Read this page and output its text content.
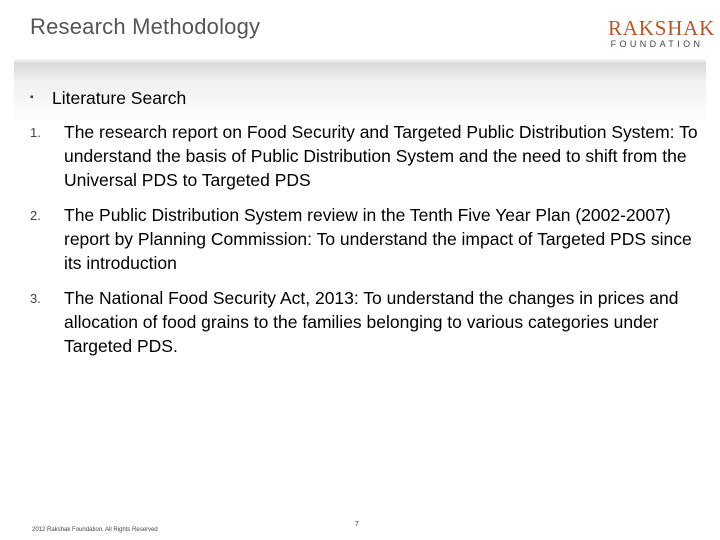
Research Methodology	RAKSHAK
FOUNDATION
▪	Literature Search
1.	The research report on Food Security and Targeted Public Distribution System: To understand the basis of Public Distribution System and the need to shift from the Universal PDS to Targeted PDS
2.	The Public Distribution System review in the Tenth Five Year Plan (2002-2007) report by Planning Commission: To understand the impact of Targeted PDS since its introduction
3.	The National Food Security Act, 2013: To understand the changes in prices and allocation of food grains to the families belonging to various categories under Targeted PDS.
2012 Rakshak Foundation. All Rights Reserved
7
